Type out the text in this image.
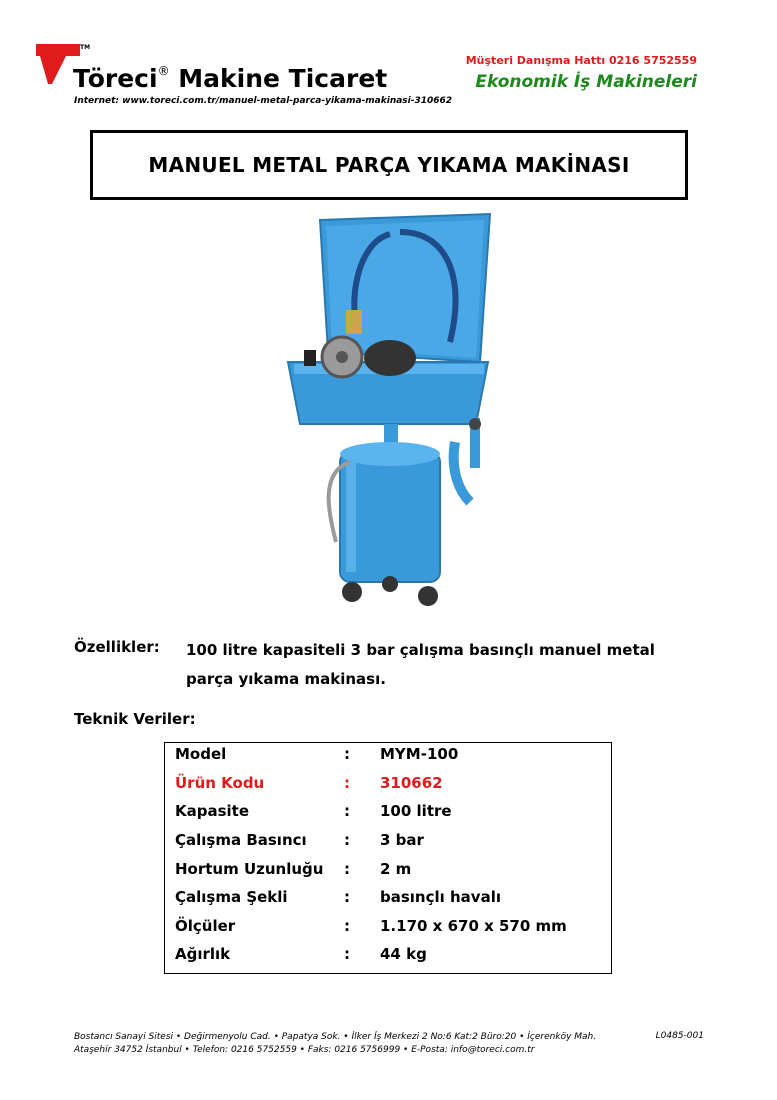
TM
Töreci® Makine Ticaret
Internet: www.toreci.com.tr/manuel-metal-parca-yikama-makinasi-310662
Müşteri Danışma Hattı 0216 5752559
Ekonomik İş Makineleri
MANUEL METAL PARÇA YIKAMA MAKİNASI
Özellikler: 100 litre kapasiteli 3 bar çalışma basınçlı manuel metal
parça yıkama makinası.
Teknik Veriler:
Model	: MYM-100
Ürün Kodu	: 310662
Kapasite	: 100 litre
Çalışma Basıncı : 3 bar
Hortum Uzunluğu : 2 m
Çalışma Şekli	: basınçlı havalı
Ölçüler	: 1.170 x 670 x 570 mm
Ağırlık	: 44 kg
Bostancı Sanayi Sitesi • Değirmenyolu Cad. • Papatya Sok. • İlker İş Merkezi 2 No:6 Kat:2 Büro:20 • İçerenköy Mah.
Ataşehir 34752 İstanbul • Telefon: 0216 5752559 • Faks: 0216 5756999 • E-Posta: info@toreci.com.tr
L0485-001
